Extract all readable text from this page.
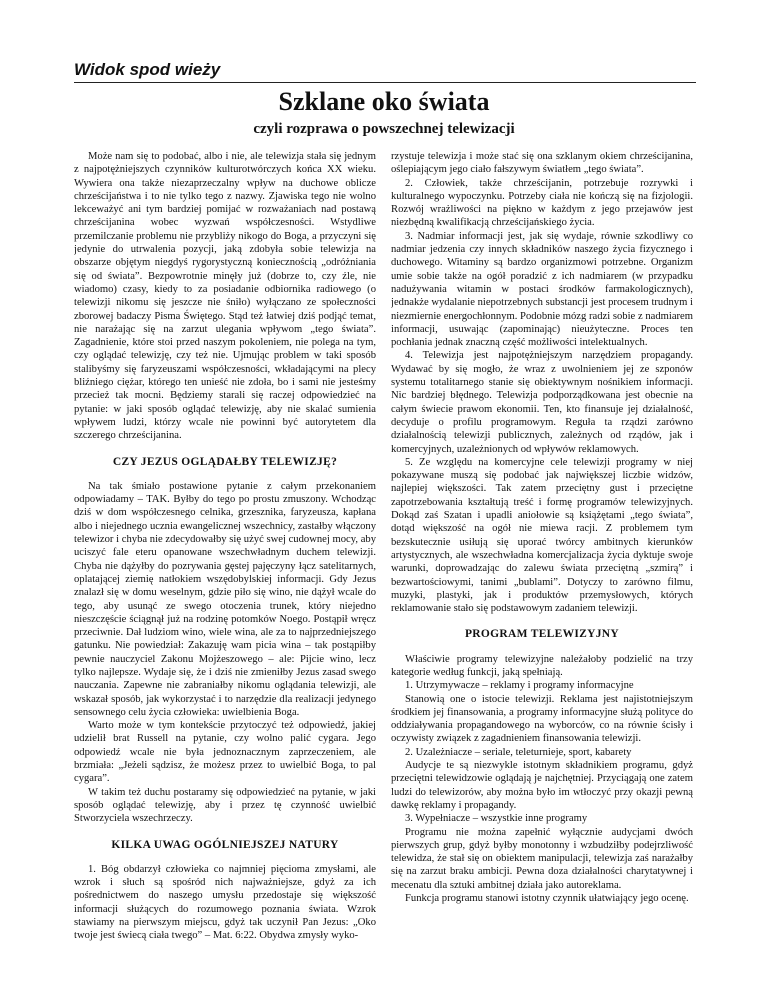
Widok spod wieży
Szklane oko świata
czyli rozprawa o powszechnej telewizacji

Może nam się to podobać, albo i nie, ale telewizja stała się jednym z najpotężniejszych czynników kulturotwórczych końca XX wieku. Wywiera ona także niezaprzeczalny wpływ na duchowe oblicze chrześcijaństwa i to nie tylko tego z nazwy. Zjawiska tego nie wolno lekceważyć ani tym bardziej pomijać w rozważaniach nad postawą chrześcijanina wobec wyzwań współczesności. Wstydliwe przemilczanie problemu nie przybliży nikogo do Boga, a przyczyni się jedynie do utrwalenia pozycji, jaką zdobyła sobie telewizja na obszarze objętym niegdyś rygorystyczną koniecznością „odróżniania się od świata”. Bezpowrotnie minęły już (dobrze to, czy źle, nie wiadomo) czasy, kiedy to za posiadanie odbiornika radiowego (o telewizji nikomu się jeszcze nie śniło) wyłączano ze społeczności zborowej badaczy Pisma Świętego. Stąd też łatwiej dziś podjąć temat, nie narażając się na zarzut ulegania wpływom „tego świata”. Zagadnienie, które stoi przed naszym pokoleniem, nie polega na tym, czy oglądać telewizję, czy też nie. Ujmując problem w taki sposób stalibyśmy się faryzeuszami współczesności, wkładającymi na plecy bliźniego ciężar, którego ten unieść nie zdoła, bo i sami nie jesteśmy przecież tak mocni. Będziemy starali się raczej odpowiedzieć na pytanie: w jaki sposób oglądać telewizję, aby nie skalać sumienia wpływem ludzi, którzy wcale nie powinni być autorytetem dla szczerego chrześcijanina.

CZY JEZUS OGLĄDAŁBY TELEWIZJĘ?

Na tak śmiało postawione pytanie z całym przekonaniem odpowiadamy – TAK. Byłby do tego po prostu zmuszony. Wchodząc dziś w dom współczesnego celnika, grzesznika, faryzeusza, kapłana albo i niejednego ucznia ewangelicznej wszechnicy, zastałby włączony telewizor i chyba nie zdecydowałby się użyć swej cudownej mocy, aby uciszyć fale eteru opanowane wszechwładnym duchem telewizji. Chyba nie dążyłby do pozrywania gęstej pajęczyny łącz satelitarnych, oplatającej ziemię natłokiem wszędobylskiej informacji. Gdy Jezus znalazł się w domu weselnym, gdzie piło się wino, nie dążył wcale do tego, aby usunąć ze swego otoczenia trunek, który niejedno nieszczęście ściągnął już na rodzinę potomków Noego. Postąpił wręcz przeciwnie. Dał ludziom wino, wiele wina, ale za to najprzedniejszego gatunku. Nie powiedział: Zakazuję wam picia wina – tak postąpiłby pewnie nauczyciel Zakonu Mojżeszowego – ale: Pijcie wino, lecz tylko najlepsze. Wydaje się, że i dziś nie zmieniłby Jezus zasad swego nauczania. Zapewne nie zabraniałby nikomu oglądania telewizji, ale wskazał sposób, jak wykorzystać i to narzędzie dla realizacji jedynego sensownego celu życia człowieka: uwielbienia Boga.

Warto może w tym kontekście przytoczyć też odpowiedź, jakiej udzielił brat Russell na pytanie, czy wolno palić cygara. Jego odpowiedź wcale nie była jednoznacznym zaprzeczeniem, ale brzmiała: „Jeżeli sądzisz, że możesz przez to uwielbić Boga, to pal cygara”.

W takim też duchu postaramy się odpowiedzieć na pytanie, w jaki sposób oglądać telewizję, aby i przez tę czynność uwielbić Stworzyciela wszechrzeczy.

KILKA UWAG OGÓLNIEJSZEJ NATURY

1. Bóg obdarzył człowieka co najmniej pięcioma zmysłami, ale wzrok i słuch są spośród nich najważniejsze, gdyż za ich pośrednictwem do naszego umysłu przedostaje się większość informacji służących do rozumowego poznania świata. Wzrok stawiamy na pierwszym miejscu, gdyż tak uczynił Pan Jezus: „Oko twoje jest świecą ciała twego” – Mat. 6:22. Obydwa zmysły wyko-

rzystuje telewizja i może stać się ona szklanym okiem chrześcijanina, oślepiającym jego ciało fałszywym światłem „tego świata”.

2. Człowiek, także chrześcijanin, potrzebuje rozrywki i kulturalnego wypoczynku. Potrzeby ciała nie kończą się na fizjologii. Rozwój wrażliwości na piękno w każdym z jego przejawów jest niezbędną kwalifikacją chrześcijańskiego życia.

3. Nadmiar informacji jest, jak się wydaje, równie szkodliwy co nadmiar jedzenia czy innych składników naszego życia fizycznego i duchowego. Witaminy są bardzo organizmowi potrzebne. Organizm umie sobie także na ogół poradzić z ich nadmiarem (w przypadku nadużywania witamin w postaci środków farmakologicznych), jednakże wydalanie niepotrzebnych substancji jest procesem trudnym i niezmiernie energochłonnym. Podobnie mózg radzi sobie z nadmiarem informacji, usuwając (zapominając) nieużyteczne. Proces ten pochłania jednak znaczną część możliwości intelektualnych.

4. Telewizja jest najpotężniejszym narzędziem propagandy. Wydawać by się mogło, że wraz z uwolnieniem jej ze szponów systemu totalitarnego stanie się obiektywnym nośnikiem informacji. Nic bardziej błędnego. Telewizja podporządkowana jest obecnie na całym świecie prawom ekonomii. Ten, kto finansuje jej działalność, decyduje o profilu programowym. Reguła ta rządzi zarówno działalnością telewizji publicznych, zależnych od rządów, jak i komercyjnych, uzależnionych od wpływów reklamowych.

5. Ze względu na komercyjne cele telewizji programy w niej pokazywane muszą się podobać jak największej liczbie widzów, najlepiej większości. Tak zatem przeciętny gust i przeciętne zapotrzebowania kształtują treść i formę programów telewizyjnych. Dokąd zaś Szatan i upadli aniołowie są książętami „tego świata”, dotąd większość na ogół nie miewa racji. Z problemem tym bezskutecznie usiłują się uporać twórcy ambitnych kierunków artystycznych, ale wszechwładna komercjalizacja życia dyktuje swoje warunki, doprowadzając do zalewu świata przeciętną „szmirą” i bezwartościowymi, tanimi „bublami”. Dotyczy to zarówno filmu, muzyki, plastyki, jak i produktów przemysłowych, których reklamowanie stało się podstawowym zadaniem telewizji.

PROGRAM TELEWIZYJNY

Właściwie programy telewizyjne należałoby podzielić na trzy kategorie według funkcji, jaką spełniają.

1. Utrzymywacze – reklamy i programy informacyjne

Stanowią one o istocie telewizji. Reklama jest najistotniejszym środkiem jej finansowania, a programy informacyjne służą polityce do oddziaływania propagandowego na wyborców, co na równie ścisły i oczywisty związek z zagadnieniem finansowania telewizji.

2. Uzależniacze – seriale, teleturnieje, sport, kabarety

Audycje te są niezwykle istotnym składnikiem programu, gdyż przeciętni telewidzowie oglądają je najchętniej. Przyciągają one zatem ludzi do telewizorów, aby można było im wtłoczyć przy okazji pewną dawkę reklamy i propagandy.

3. Wypełniacze – wszystkie inne programy

Programu nie można zapełnić wyłącznie audycjami dwóch pierwszych grup, gdyż byłby monotonny i wzbudziłby podejrzliwość telewidza, że stał się on obiektem manipulacji, telewizja zaś narażałby się na zarzut braku ambicji. Pewna doza działalności charytatywnej i mecenatu dla sztuki ambitnej działa jako autoreklama.

Funkcja programu stanowi istotny czynnik ułatwiający jego ocenę.
